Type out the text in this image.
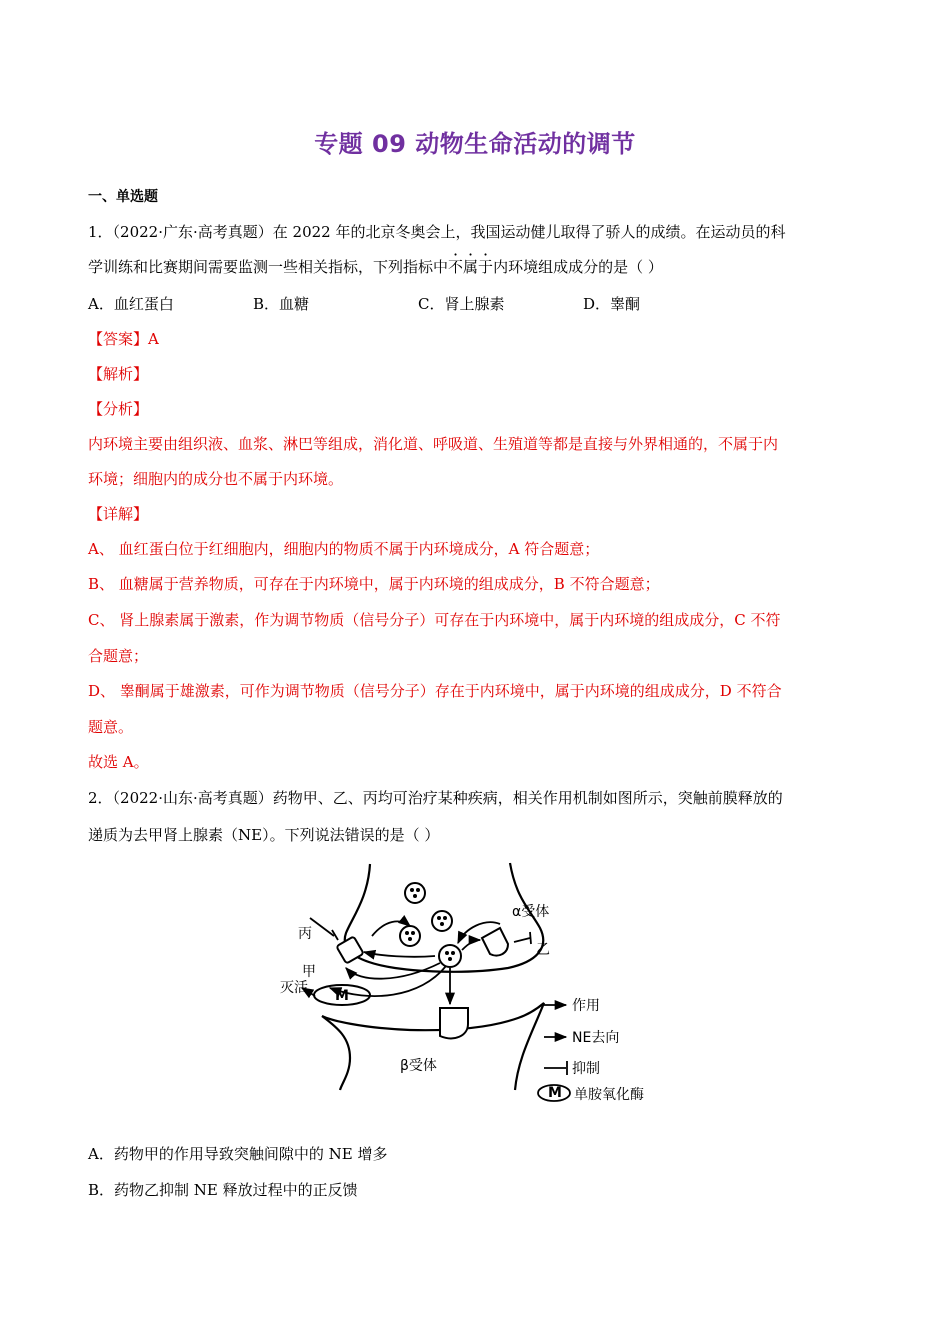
专题 09 动物生命活动的调节
一、单选题
1．（2022·广东·高考真题）在 2022 年的北京冬奥会上，我国运动健儿取得了骄人的成绩。在运动员的科
学训练和比赛期间需要监测一些相关指标，下列指标中不属于内环境组成成分的是（ ）
A．血红蛋白	B．血糖	C．肾上腺素	D．睾酮
【答案】A
【解析】
【分析】
内环境主要由组织液、血浆、淋巴等组成，消化道、呼吸道、生殖道等都是直接与外界相通的，不属于内
环境；细胞内的成分也不属于内环境。
【详解】
A、 血红蛋白位于红细胞内，细胞内的物质不属于内环境成分，A 符合题意；
B、 血糖属于营养物质，可存在于内环境中，属于内环境的组成成分，B 不符合题意；
C、 肾上腺素属于激素，作为调节物质（信号分子）可存在于内环境中，属于内环境的组成成分，C 不符
合题意；
D、 睾酮属于雄激素，可作为调节物质（信号分子）存在于内环境中，属于内环境的组成成分，D 不符合
题意。
故选 A。
2．（2022·山东·高考真题）药物甲、乙、丙均可治疗某种疾病，相关作用机制如图所示，突触前膜释放的
递质为去甲肾上腺素（NE）。下列说法错误的是（ ）
M
丙
甲
灭活
α受体
乙
β受体
M
作用
NE去向
抑制
单胺氧化酶
A．药物甲的作用导致突触间隙中的 NE 增多
B．药物乙抑制 NE 释放过程中的正反馈
